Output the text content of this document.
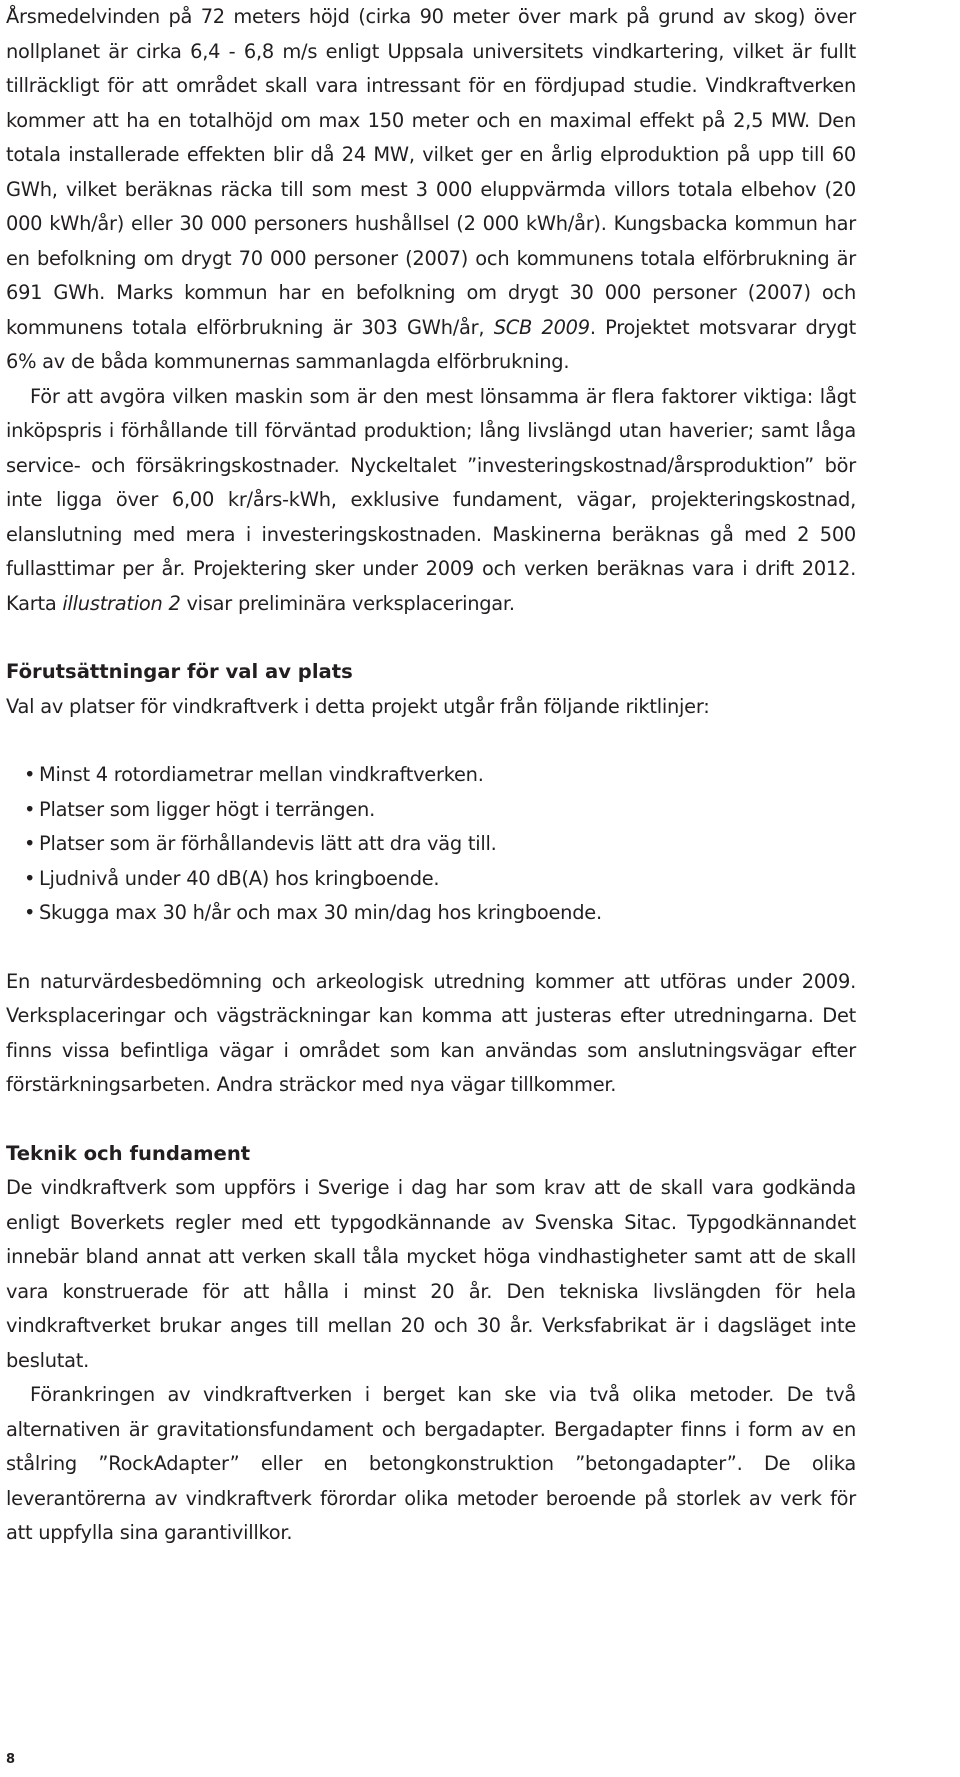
Årsmedelvinden på 72 meters höjd (cirka 90 meter över mark på grund av skog) över nollplanet är cirka 6,4 - 6,8 m/s enligt Uppsala universitets vindkartering, vilket är fullt tillräckligt för att området skall vara intressant för en fördjupad studie. Vindkraftverken kommer att ha en totalhöjd om max 150 meter och en maximal effekt på 2,5 MW. Den totala installerade effekten blir då 24 MW, vilket ger en årlig elproduktion på upp till 60 GWh, vilket beräknas räcka till som mest 3 000 eluppvärmda villors totala elbehov (20 000 kWh/år) eller 30 000 personers hushållsel (2 000 kWh/år). Kungsbacka kommun har en befolkning om drygt 70 000 personer (2007) och kommunens totala elförbrukning är 691 GWh. Marks kommun har en befolkning om drygt 30 000 personer (2007) och kommunens totala elförbrukning är 303 GWh/år, SCB 2009. Projektet motsvarar drygt 6% av de båda kommunernas sammanlagda elförbrukning.

För att avgöra vilken maskin som är den mest lönsamma är flera faktorer viktiga: lågt inköpspris i förhållande till förväntad produktion; lång livslängd utan haverier; samt låga service- och försäkringskostnader. Nyckeltalet ”investeringskostnad/årsproduktion” bör inte ligga över 6,00 kr/års-kWh, exklusive fundament, vägar, projekteringskostnad, elanslutning med mera i investeringskostnaden. Maskinerna beräknas gå med 2 500 fullasttimar per år. Projektering sker under 2009 och verken beräknas vara i drift 2012. Karta illustration 2 visar preliminära verksplaceringar.

Förutsättningar för val av plats

Val av platser för vindkraftverk i detta projekt utgår från följande riktlinjer:

• Minst 4 rotordiametrar mellan vindkraftverken.
• Platser som ligger högt i terrängen.
• Platser som är förhållandevis lätt att dra väg till.
• Ljudnivå under 40 dB(A) hos kringboende.
• Skugga max 30 h/år och max 30 min/dag hos kringboende.

En naturvärdesbedömning och arkeologisk utredning kommer att utföras under 2009. Verksplaceringar och vägsträckningar kan komma att justeras efter utredningarna. Det finns vissa befintliga vägar i området som kan användas som anslutningsvägar efter förstärkningsarbeten. Andra sträckor med nya vägar tillkommer.

Teknik och fundament

De vindkraftverk som uppförs i Sverige i dag har som krav att de skall vara godkända enligt Boverkets regler med ett typgodkännande av Svenska Sitac. Typgodkännandet innebär bland annat att verken skall tåla mycket höga vindhastigheter samt att de skall vara konstruerade för att hålla i minst 20 år. Den tekniska livslängden för hela vindkraftverket brukar anges till mellan 20 och 30 år. Verksfabrikat är i dagsläget inte beslutat.

Förankringen av vindkraftverken i berget kan ske via två olika metoder. De två alternativen är gravitationsfundament och bergadapter. Bergadapter finns i form av en stålring ”RockAdapter” eller en betongkonstruktion ”betongadapter”. De olika leverantörerna av vindkraftverk förordar olika metoder beroende på storlek av verk för att uppfylla sina garantivillkor.

8
